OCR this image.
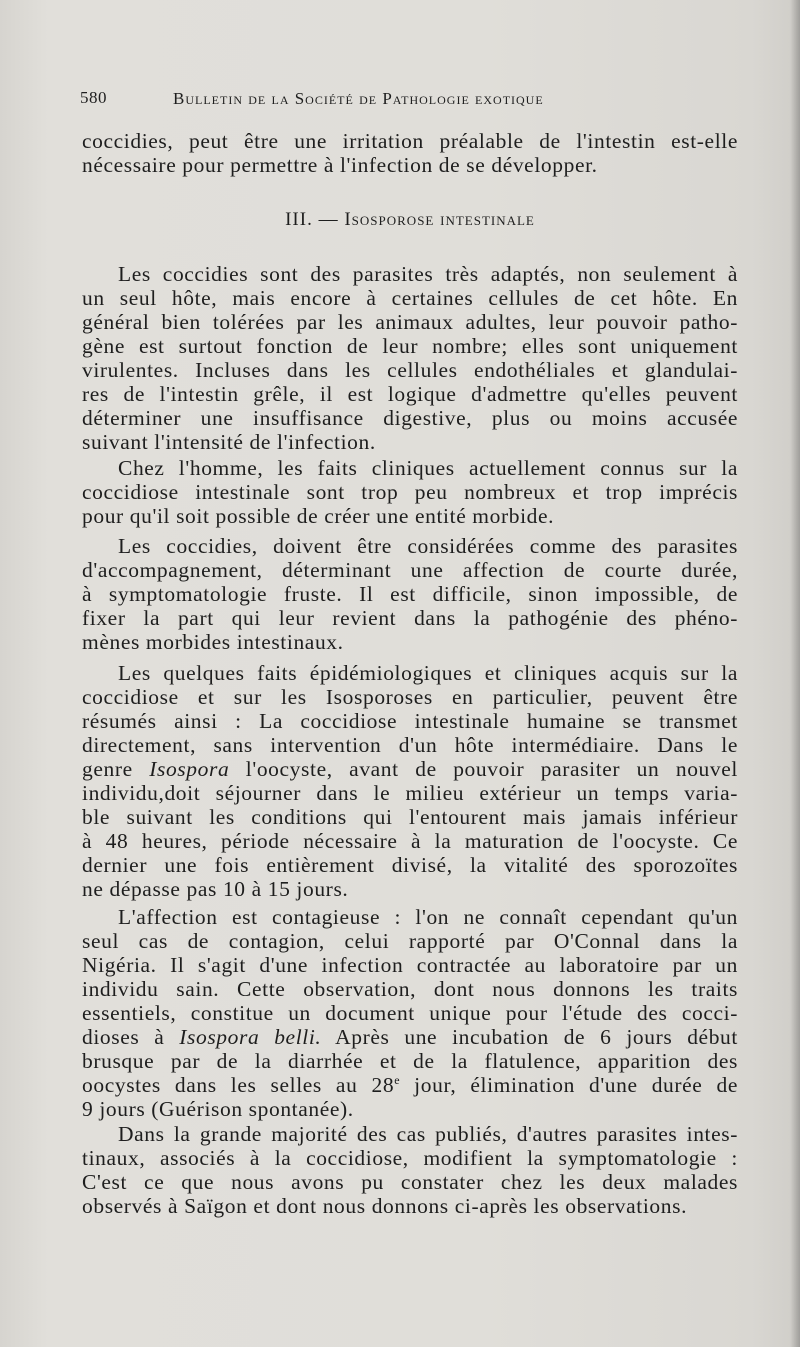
580	Bulletin de la Société de Pathologie exotique
coccidies, peut être une irritation préalable de l'intestin est-elle
nécessaire pour permettre à l'infection de se développer.
III. — Isosporose intestinale
Les coccidies sont des parasites très adaptés, non seulement à
un seul hôte, mais encore à certaines cellules de cet hôte. En
général bien tolérées par les animaux adultes, leur pouvoir patho-
gène est surtout fonction de leur nombre; elles sont uniquement
virulentes. Incluses dans les cellules endothéliales et glandulai-
res de l'intestin grêle, il est logique d'admettre qu'elles peuvent
déterminer une insuffisance digestive, plus ou moins accusée
suivant l'intensité de l'infection.
Chez l'homme, les faits cliniques actuellement connus sur la
coccidiose intestinale sont trop peu nombreux et trop imprécis
pour qu'il soit possible de créer une entité morbide.
Les coccidies, doivent être considérées comme des parasites
d'accompagnement, déterminant une affection de courte durée,
à symptomatologie fruste. Il est difficile, sinon impossible, de
fixer la part qui leur revient dans la pathogénie des phéno-
mènes morbides intestinaux.
Les quelques faits épidémiologiques et cliniques acquis sur la
coccidiose et sur les Isosporoses en particulier, peuvent être
résumés ainsi : La coccidiose intestinale humaine se transmet
directement, sans intervention d'un hôte intermédiaire. Dans le
genre Isospora l'oocyste, avant de pouvoir parasiter un nouvel
individu,doit séjourner dans le milieu extérieur un temps varia-
ble suivant les conditions qui l'entourent mais jamais inférieur
à 48 heures, période nécessaire à la maturation de l'oocyste. Ce
dernier une fois entièrement divisé, la vitalité des sporozoïtes
ne dépasse pas 10 à 15 jours.
L'affection est contagieuse : l'on ne connaît cependant qu'un
seul cas de contagion, celui rapporté par O'Connal dans la
Nigéria. Il s'agit d'une infection contractée au laboratoire par un
individu sain. Cette observation, dont nous donnons les traits
essentiels, constitue un document unique pour l'étude des cocci-
dioses à Isospora belli. Après une incubation de 6 jours début
brusque par de la diarrhée et de la flatulence, apparition des
oocystes dans les selles au 28e jour, élimination d'une durée de
9 jours (Guérison spontanée).
Dans la grande majorité des cas publiés, d'autres parasites intes-
tinaux, associés à la coccidiose, modifient la symptomatologie :
C'est ce que nous avons pu constater chez les deux malades
observés à Saïgon et dont nous donnons ci-après les observations.
